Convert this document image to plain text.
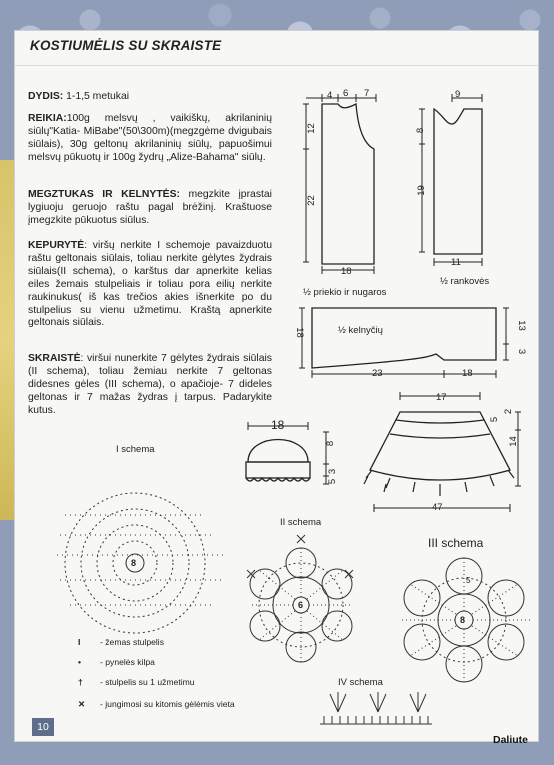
KOSTIUMĖLIS SU SKRAISTE
DYDIS: 1-1,5 metukai
REIKIA:100g melsvų , vaikiškų, akrilaninių siūlų"Katia- MiBabe"(50\300m)(megzgėme dvigubais siūlais), 30g geltonų akrilaninių siūlų, papuošimui melsvų pūkuotų ir 100g žydrų „Alize-Bahama" siūlų.
MEGZTUKAS IR KELNYTĖS: megzkite įprastai lygiuoju geruojo raštu pagal brėžinį. Kraštuose įmegzkite pūkuotus siūlus.
KEPURYTĖ: viršų nerkite I schemoje pavaizduotu raštu geltonais siūlais, toliau nerkite gėlytes žydrais siūlais(II schema), o karštus dar apnerkite kelias eiles žemais stulpeliais ir toliau pora eilių nerkite raukinukus( iš kas trečios akies išnerkite po du stulpelius su vienu užmetimu. Kraštą apnerkite geltonais siūlais.
SKRAISTĖ: viršui nunerkite 7 gėlytes žydrais siūlais (II schema), toliau žemiau nerkite 7 geltonas didesnes gėles (III schema), o apačioje- 7 dideles geltonas ir 7 mažas žydras į tarpus. Padarykite kutus.
4 6 7
12
22
18
½ priekio ir nugaros
9
8
19
11
½ rankovės
18
13
3
½ kelnyčių
23	18
18
8
3
5
17
5
2
14
47
I schema
8
II schema
6
III schema
8
5
IV schema
I - žemas stulpelis
• - pynelės kilpa
† - stulpelis su 1 užmetimu
✕ - jungimosi su kitomis gėlėmis vieta
10
Daliute
